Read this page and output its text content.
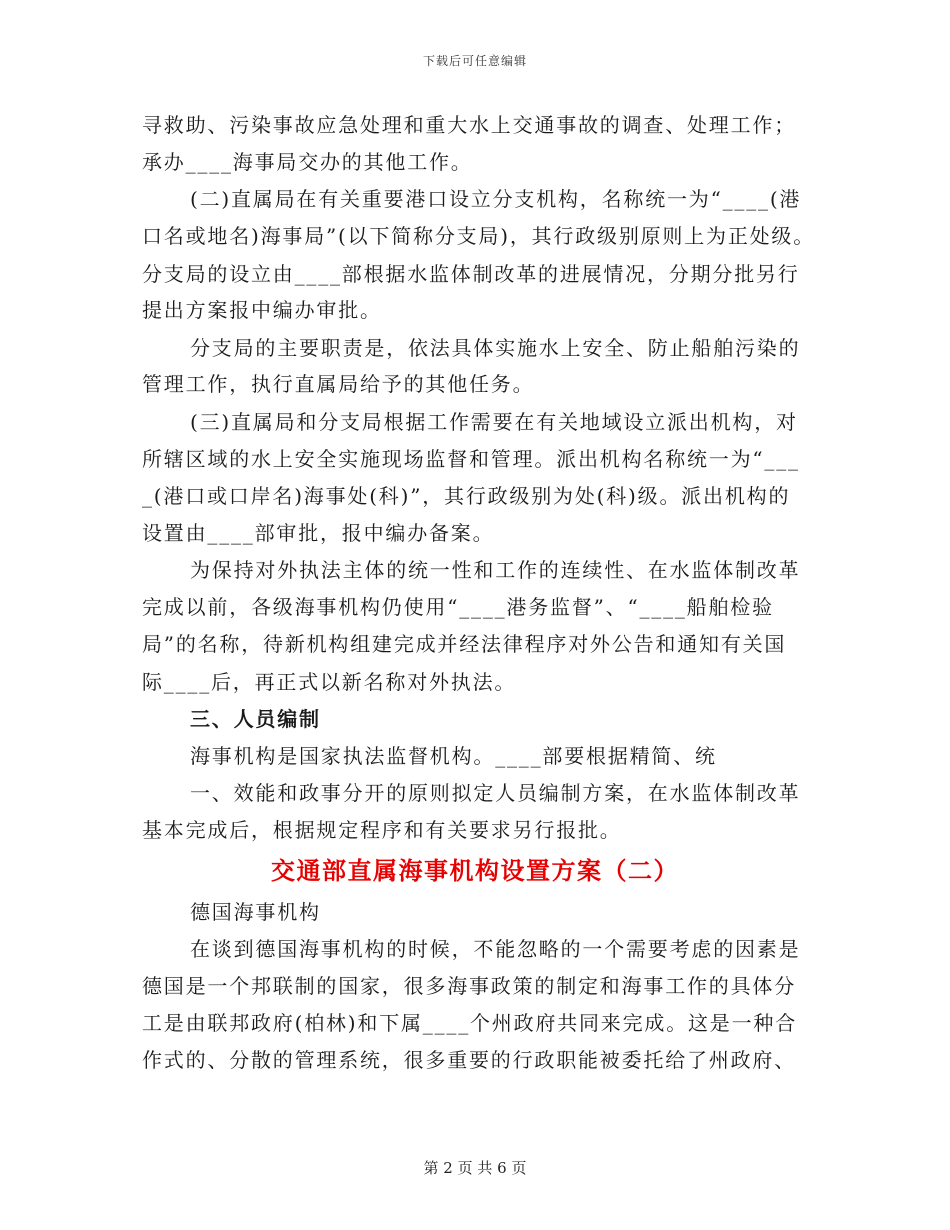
下载后可任意编辑
寻救助、污染事故应急处理和重大水上交通事故的调查、处理工作；
承办____海事局交办的其他工作。
(二)直属局在有关重要港口设立分支机构，名称统一为“____(港
口名或地名)海事局”(以下简称分支局)，其行政级别原则上为正处级。
分支局的设立由____部根据水监体制改革的进展情况，分期分批另行
提出方案报中编办审批。
分支局的主要职责是，依法具体实施水上安全、防止船舶污染的
管理工作，执行直属局给予的其他任务。
(三)直属局和分支局根据工作需要在有关地域设立派出机构，对
所辖区域的水上安全实施现场监督和管理。派出机构名称统一为“___
_(港口或口岸名)海事处(科)”，其行政级别为处(科)级。派出机构的
设置由____部审批，报中编办备案。
为保持对外执法主体的统一性和工作的连续性、在水监体制改革
完成以前，各级海事机构仍使用“____港务监督”、“____船舶检验
局”的名称，待新机构组建完成并经法律程序对外公告和通知有关国
际____后，再正式以新名称对外执法。
三、人员编制
海事机构是国家执法监督机构。____部要根据精简、统
一、效能和政事分开的原则拟定人员编制方案，在水监体制改革
基本完成后，根据规定程序和有关要求另行报批。
交通部直属海事机构设置方案（二）
德国海事机构
在谈到德国海事机构的时候，不能忽略的一个需要考虑的因素是
德国是一个邦联制的国家，很多海事政策的制定和海事工作的具体分
工是由联邦政府(柏林)和下属____个州政府共同来完成。这是一种合
作式的、分散的管理系统，很多重要的行政职能被委托给了州政府、
第 2 页 共 6 页
